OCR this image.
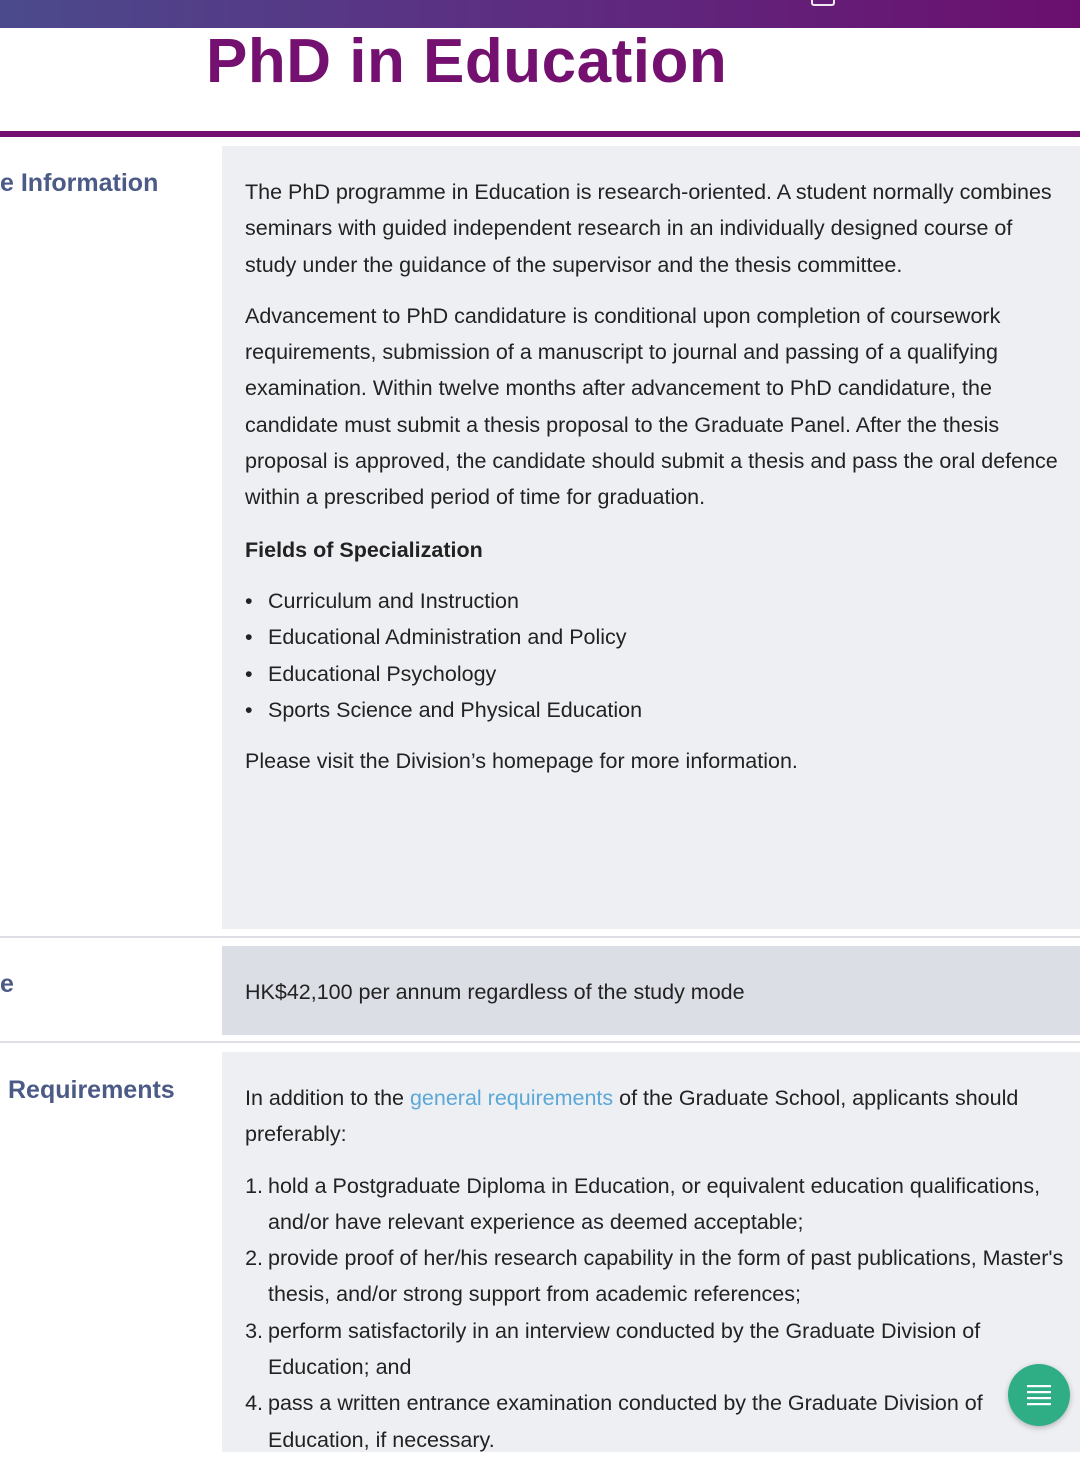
PhD in Education
e Information	The PhD programme in Education is research-oriented. A student normally combines seminars with guided independent research in an individually designed course of study under the guidance of the supervisor and the thesis committee.

Advancement to PhD candidature is conditional upon completion of coursework requirements, submission of a manuscript to journal and passing of a qualifying examination. Within twelve months after advancement to PhD candidature, the candidate must submit a thesis proposal to the Graduate Panel. After the thesis proposal is approved, the candidate should submit a thesis and pass the oral defence within a prescribed period of time for graduation.

Fields of Specialization

• Curriculum and Instruction
• Educational Administration and Policy
• Educational Psychology
• Sports Science and Physical Education

Please visit the Division’s homepage for more information.

e	HK$42,100 per annum regardless of the study mode
Requirements	In addition to the general requirements of the Graduate School, applicants should preferably:

1. hold a Postgraduate Diploma in Education, or equivalent education qualifications, and/or have relevant experience as deemed acceptable;
2. provide proof of her/his research capability in the form of past publications, Master's thesis, and/or strong support from academic references;
3. perform satisfactorily in an interview conducted by the Graduate Division of Education; and
4. pass a written entrance examination conducted by the Graduate Division of Education, if necessary.
